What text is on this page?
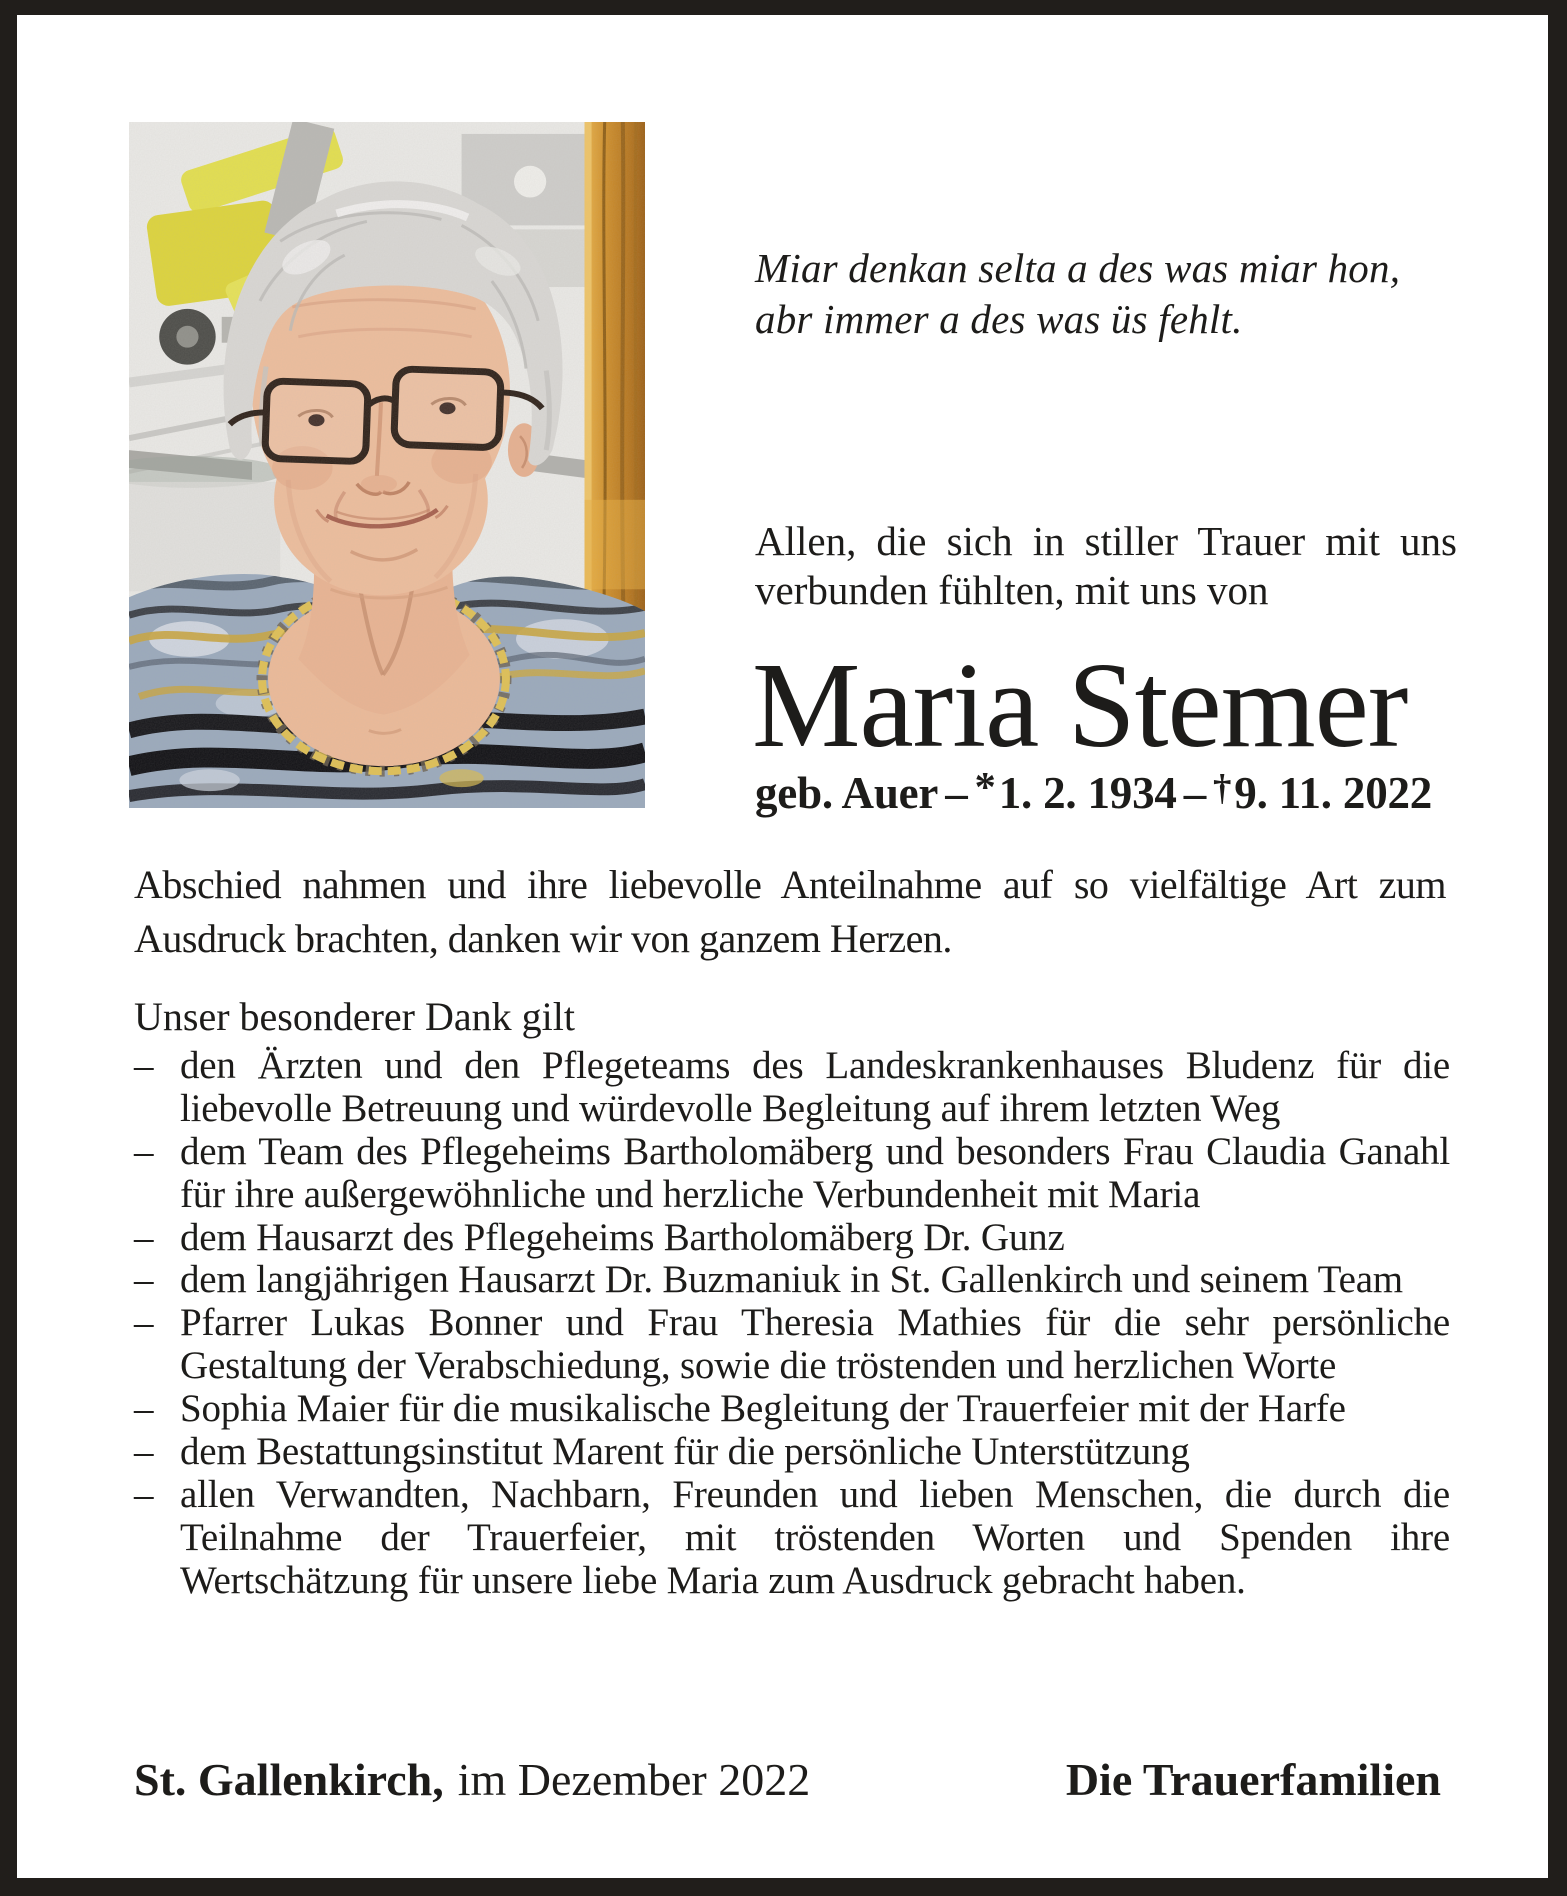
Miar denkan selta a des was miar hon,
abr immer a des was üs fehlt.
Allen, die sich in stiller Trauer mit uns verbunden fühlten, mit uns von
Maria Stemer
geb. Auer – *1. 2. 1934 – †9. 11. 2022
Abschied nahmen und ihre liebevolle Anteilnahme auf so vielfältige Art zum Ausdruck brachten, danken wir von ganzem Herzen.
Unser besonderer Dank gilt
– den Ärzten und den Pflegeteams des Landeskrankenhauses Bludenz für die liebevolle Betreuung und würdevolle Begleitung auf ihrem letzten Weg
– dem Team des Pflegeheims Bartholomäberg und besonders Frau Claudia Ganahl für ihre außergewöhnliche und herzliche Verbundenheit mit Maria
– dem Hausarzt des Pflegeheims Bartholomäberg Dr. Gunz
– dem langjährigen Hausarzt Dr. Buzmaniuk in St. Gallenkirch und seinem Team
– Pfarrer Lukas Bonner und Frau Theresia Mathies für die sehr persönliche Gestaltung der Verabschiedung, sowie die tröstenden und herzlichen Worte
– Sophia Maier für die musikalische Begleitung der Trauerfeier mit der Harfe
– dem Bestattungsinstitut Marent für die persönliche Unterstützung
– allen Verwandten, Nachbarn, Freunden und lieben Menschen, die durch die Teilnahme der Trauerfeier, mit tröstenden Worten und Spenden ihre Wertschätzung für unsere liebe Maria zum Ausdruck gebracht haben.
St. Gallenkirch, im Dezember 2022	Die Trauerfamilien
